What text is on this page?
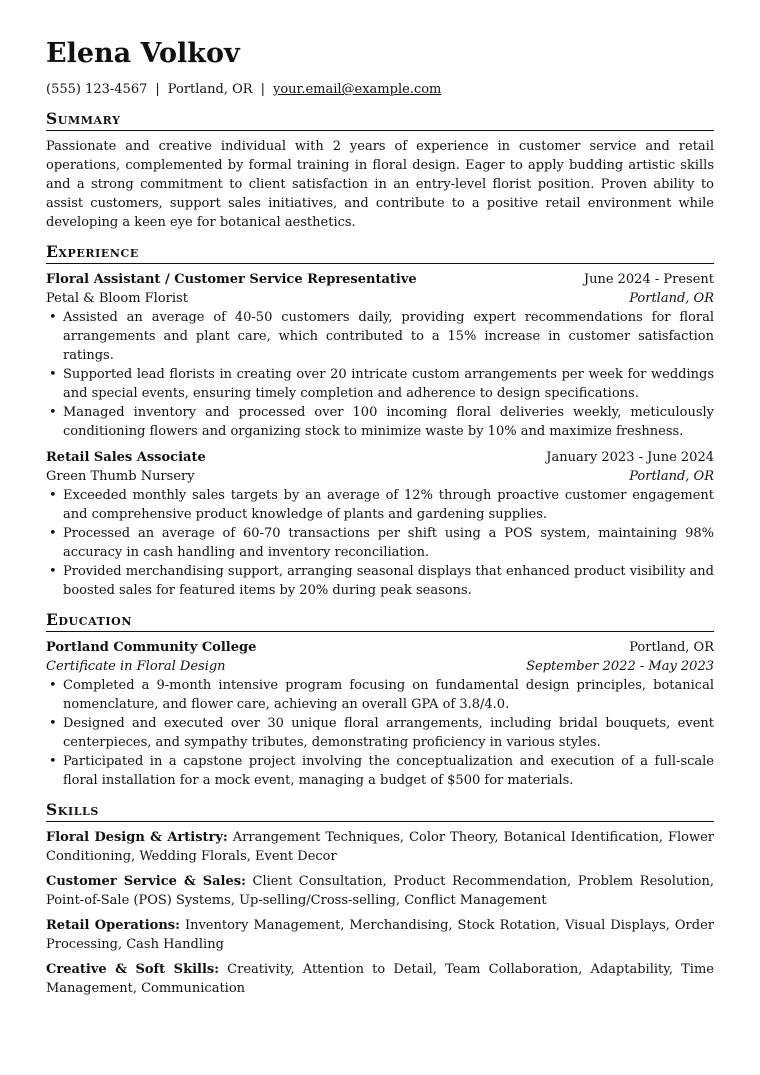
Elena Volkov
(555) 123-4567 | Portland, OR | your.email@example.com
Summary

Passionate and creative individual with 2 years of experience in customer service and retail operations, complemented by formal training in floral design. Eager to apply budding artistic skills and a strong commitment to client satisfaction in an entry-level florist position. Proven ability to assist customers, support sales initiatives, and contribute to a positive retail environment while developing a keen eye for botanical aesthetics.

Experience
Floral Assistant / Customer Service Representative	June 2024 - Present
Petal & Bloom Florist	Portland, OR
• Assisted an average of 40-50 customers daily, providing expert recommendations for floral arrangements and plant care, which contributed to a 15% increase in customer satisfaction ratings.
• Supported lead florists in creating over 20 intricate custom arrangements per week for weddings and special events, ensuring timely completion and adherence to design specifications.
• Managed inventory and processed over 100 incoming floral deliveries weekly, meticulously conditioning flowers and organizing stock to minimize waste by 10% and maximize freshness.
Retail Sales Associate	January 2023 - June 2024
Green Thumb Nursery	Portland, OR
• Exceeded monthly sales targets by an average of 12% through proactive customer engagement and comprehensive product knowledge of plants and gardening supplies.
• Processed an average of 60-70 transactions per shift using a POS system, maintaining 98% accuracy in cash handling and inventory reconciliation.
• Provided merchandising support, arranging seasonal displays that enhanced product visibility and boosted sales for featured items by 20% during peak seasons.
Education
Portland Community College	Portland, OR
Certificate in Floral Design	September 2022 - May 2023
• Completed a 9-month intensive program focusing on fundamental design principles, botanical nomenclature, and flower care, achieving an overall GPA of 3.8/4.0.
• Designed and executed over 30 unique floral arrangements, including bridal bouquets, event centerpieces, and sympathy tributes, demonstrating proficiency in various styles.
• Participated in a capstone project involving the conceptualization and execution of a full-scale floral installation for a mock event, managing a budget of $500 for materials.
Skills

Floral Design & Artistry: Arrangement Techniques, Color Theory, Botanical Identification, Flower Conditioning, Wedding Florals, Event Decor

Customer Service & Sales: Client Consultation, Product Recommendation, Problem Resolution, Point-of-Sale (POS) Systems, Up-selling/Cross-selling, Conflict Management

Retail Operations: Inventory Management, Merchandising, Stock Rotation, Visual Displays, Order Processing, Cash Handling

Creative & Soft Skills: Creativity, Attention to Detail, Team Collaboration, Adaptability, Time Management, Communication
